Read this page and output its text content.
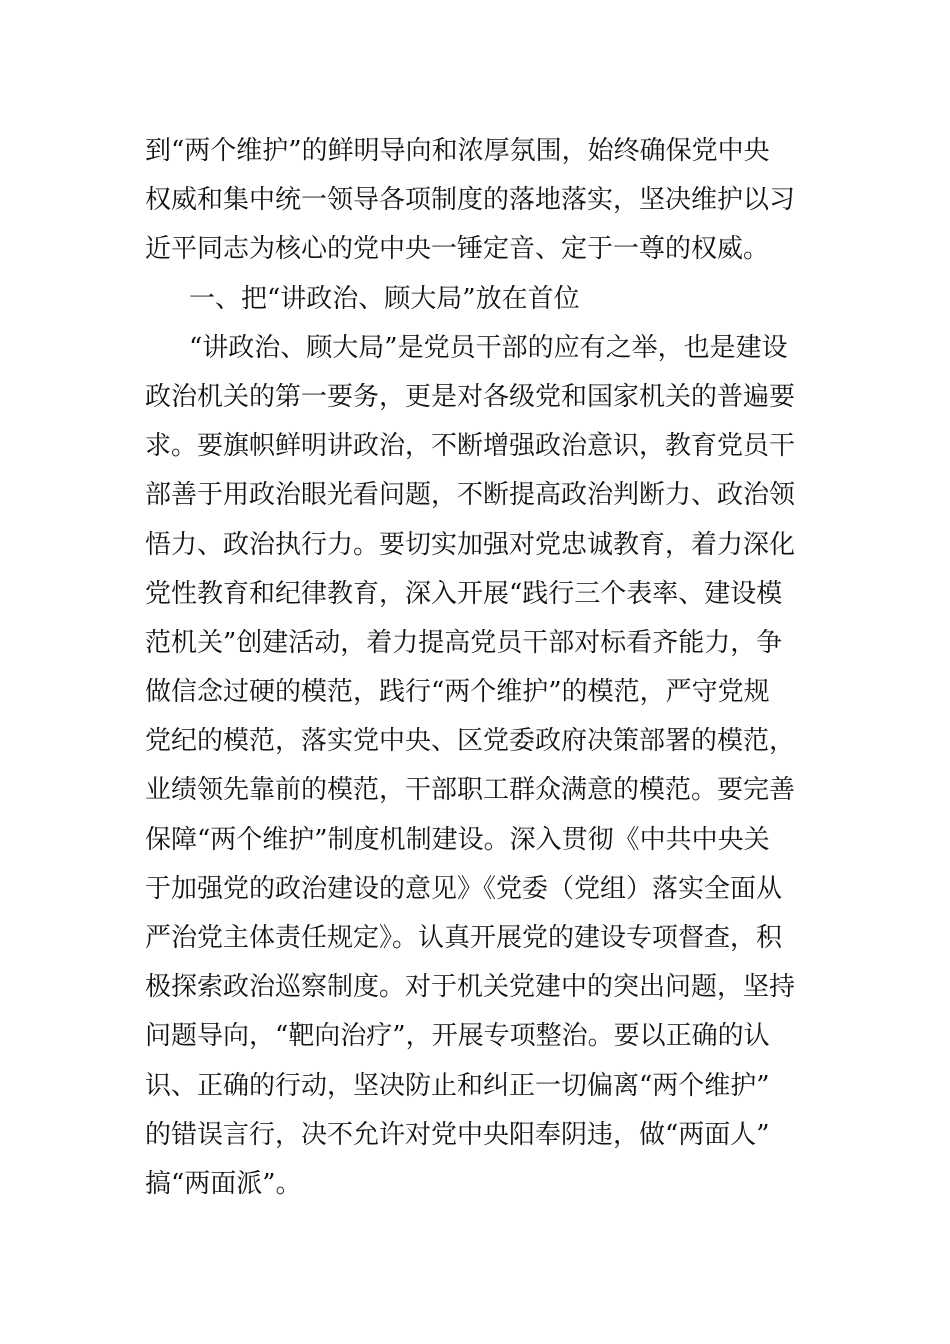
到“两个维护”的鲜明导向和浓厚氛围，始终确保党中央
权威和集中统一领导各项制度的落地落实，坚决维护以习
近平同志为核心的党中央一锤定音、定于一尊的权威。
一、把“讲政治、顾大局”放在首位
“讲政治、顾大局”是党员干部的应有之举，也是建设
政治机关的第一要务，更是对各级党和国家机关的普遍要
求。要旗帜鲜明讲政治，不断增强政治意识，教育党员干
部善于用政治眼光看问题，不断提高政治判断力、政治领
悟力、政治执行力。要切实加强对党忠诚教育，着力深化
党性教育和纪律教育，深入开展“践行三个表率、建设模
范机关”创建活动，着力提高党员干部对标看齐能力，争
做信念过硬的模范，践行“两个维护”的模范，严守党规
党纪的模范，落实党中央、区党委政府决策部署的模范，
业绩领先靠前的模范，干部职工群众满意的模范。要完善
保障“两个维护”制度机制建设。深入贯彻《中共中央关
于加强党的政治建设的意见》《党委（党组）落实全面从
严治党主体责任规定》。认真开展党的建设专项督查，积
极探索政治巡察制度。对于机关党建中的突出问题，坚持
问题导向，“靶向治疗”，开展专项整治。要以正确的认
识、正确的行动，坚决防止和纠正一切偏离“两个维护”
的错误言行，决不允许对党中央阳奉阴违，做“两面人”
搞“两面派”。
